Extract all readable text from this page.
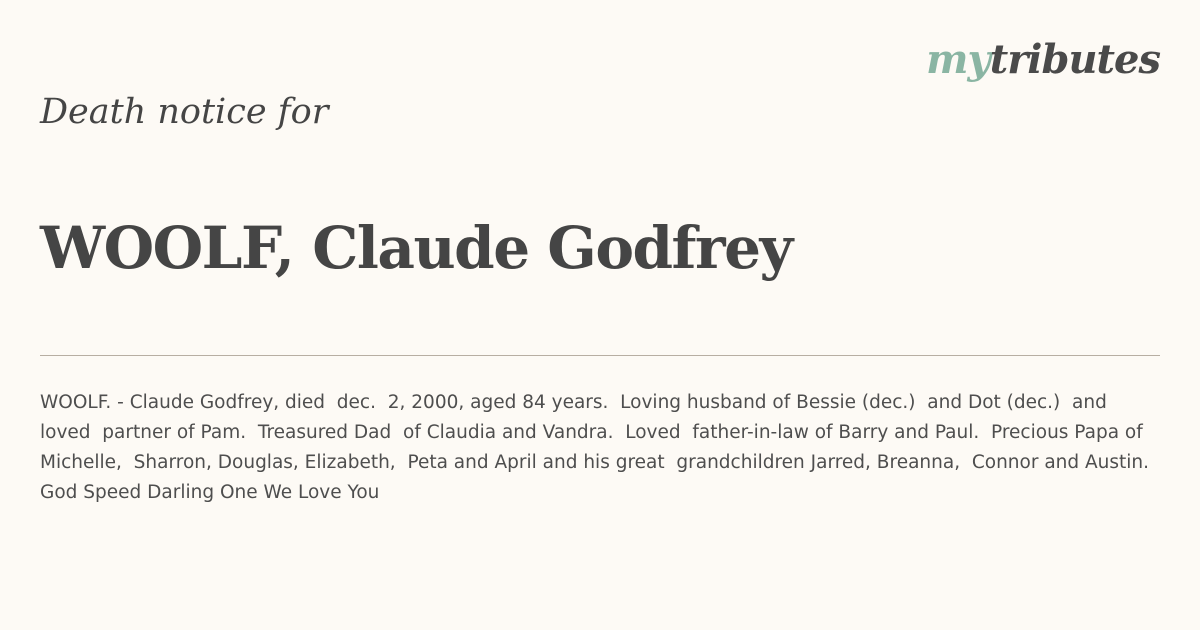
mytributes
Death notice for
WOOLF, Claude Godfrey

WOOLF. - Claude Godfrey, died  dec.  2, 2000, aged 84 years.  Loving husband of Bessie (dec.)  and Dot (dec.)  and loved  partner of Pam.  Treasured Dad  of Claudia and Vandra.  Loved  father-in-law of Barry and Paul.  Precious Papa of Michelle,  Sharron, Douglas, Elizabeth,  Peta and April and his great  grandchildren Jarred, Breanna,  Connor and Austin.  God Speed Darling One We Love You
